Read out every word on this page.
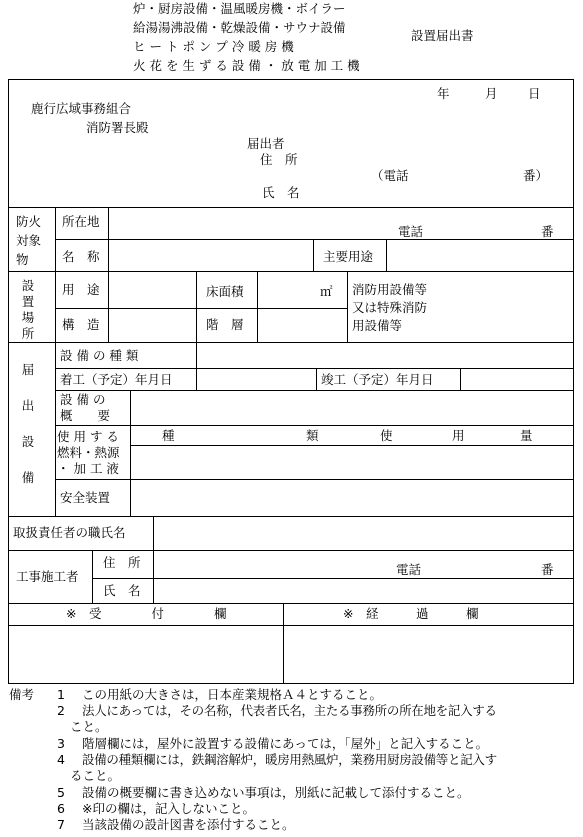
炉・厨房設備・温風暖房機・ボイラー
給湯湯沸設備・乾燥設備・サウナ設備
ヒ ー ト ポ ン プ 冷 暖 房 機
火 花 を 生 ず る 設 備 ・ 放 電 加 工 機
設置届出書
年	月 日
鹿行広域事務組合
消防署長殿
届出者
住　所
（電話	番）
氏　名
防火対象物
所在地
電話	番
名　称	主要用途
設置場所
用　途	床面積	㎡ 消防用設備等
又は特殊消防
用設備等
構　造	階　層
届出設備
設 備 の 種 類
着工（予定）年月日	竣工（予定）年月日
設 備 の
概　　要
使 用 す る
燃料・熱源
・ 加 工 液
種	類	使	用	量
安全装置
取扱責任者の職氏名
工事施工者
住　所	電話	番
氏　名
※　受　　　　付　　　　欄	※　経　　　過　　　欄
備考 1 この用紙の大きさは，日本産業規格Ａ４とすること。
2 法人にあっては，その名称，代表者氏名，主たる事務所の所在地を記入する
こと。
3 階層欄には，屋外に設置する設備にあっては，「屋外」と記入すること。
4 設備の種類欄には，鉄鋼溶解炉，暖房用熱風炉，業務用厨房設備等と記入す
ること。
5 設備の概要欄に書き込めない事項は，別紙に記載して添付すること。
6 ※印の欄は，記入しないこと。
7 当該設備の設計図書を添付すること。
